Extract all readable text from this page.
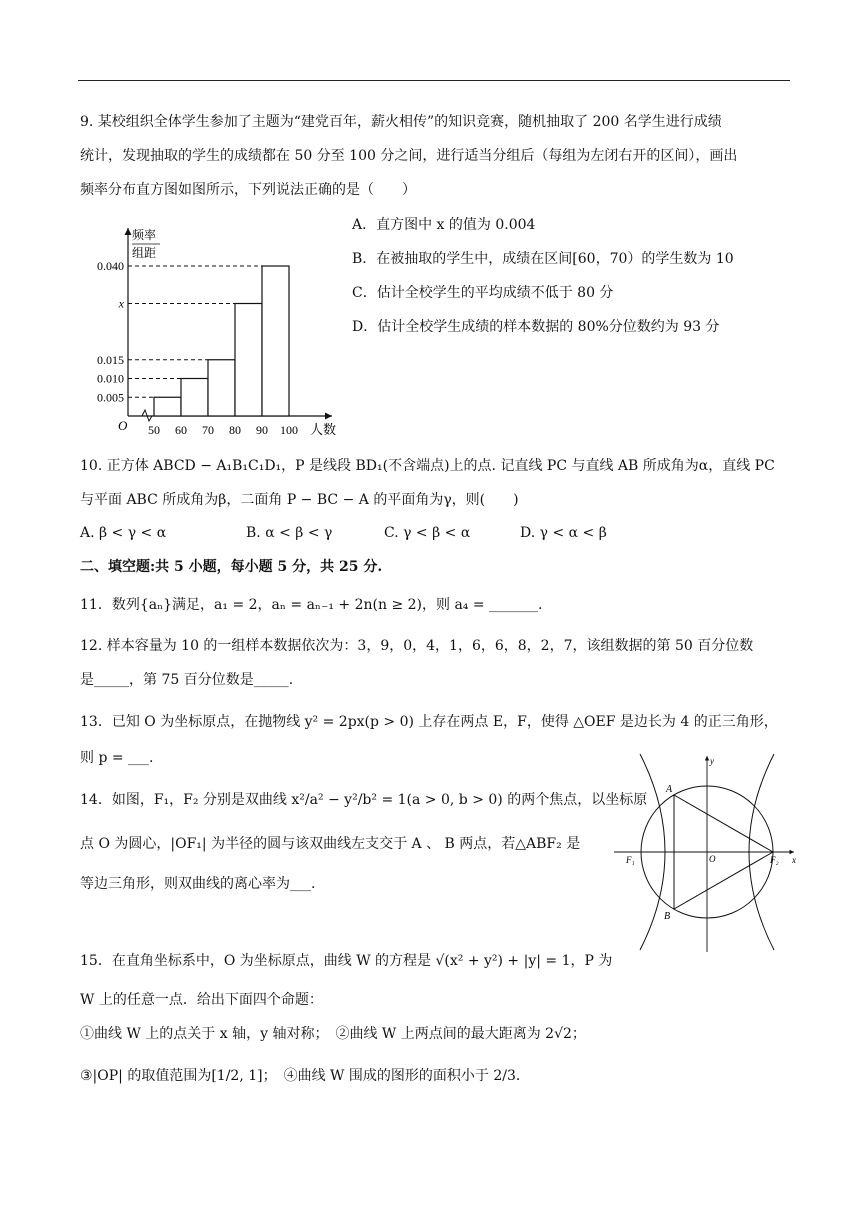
9. 某校组织全体学生参加了主题为“建党百年，薪火相传”的知识竞赛，随机抽取了 200 名学生进行成绩
统计，发现抽取的学生的成绩都在 50 分至 100 分之间，进行适当分组后（每组为左闭右开的区间），画出
频率分布直方图如图所示，下列说法正确的是（　　）
A．直方图中 x 的值为 0.004
B．在被抽取的学生中，成绩在区间[60，70）的学生数为 10
C．估计全校学生的平均成绩不低于 80 分
D．估计全校学生成绩的样本数据的 80%分位数约为 93 分
频率
组距
O	人数
0.005
0.010
0.015
x
0.040
50 60 70 80 90 100
10. 正方体 ABCD − A₁B₁C₁D₁，P 是线段 BD₁(不含端点)上的点. 记直线 PC 与直线 AB 所成角为α，直线 PC
与平面 ABC 所成角为β，二面角 P − BC − A 的平面角为γ，则(　　)
A. β < γ < α	B. α < β < γ	C. γ < β < α	D. γ < α < β
二、填空题:共 5 小题，每小题 5 分，共 25 分.
11．数列{aₙ}满足，a₁ = 2，aₙ = aₙ₋₁ + 2n(n ≥ 2)，则 a₄ = _______.
12. 样本容量为 10 的一组样本数据依次为：3，9，0，4，1，6，6，8，2，7，该组数据的第 50 百分位数
是_____，第 75 百分位数是_____.
13．已知 O 为坐标原点，在抛物线 y² = 2px(p > 0) 上存在两点 E，F，使得 △OEF 是边长为 4 的正三角形，
则 p = ___.
14．如图，F₁，F₂ 分别是双曲线 x²/a² − y²/b² = 1(a > 0, b > 0) 的两个焦点，以坐标原
点 O 为圆心，|OF₁| 为半径的圆与该双曲线左支交于 A 、 B 两点，若△ABF₂ 是
等边三角形，则双曲线的离心率为___.
A
B
F₁	F₂
O	x
y
15．在直角坐标系中，O 为坐标原点，曲线 W 的方程是 √(x² + y²) + |y| = 1，P 为
W 上的任意一点．给出下面四个命题：
①曲线 W 上的点关于 x 轴，y 轴对称；　②曲线 W 上两点间的最大距离为 2√2；
③|OP| 的取值范围为[1/2, 1]；　④曲线 W 围成的图形的面积小于 2/3．
